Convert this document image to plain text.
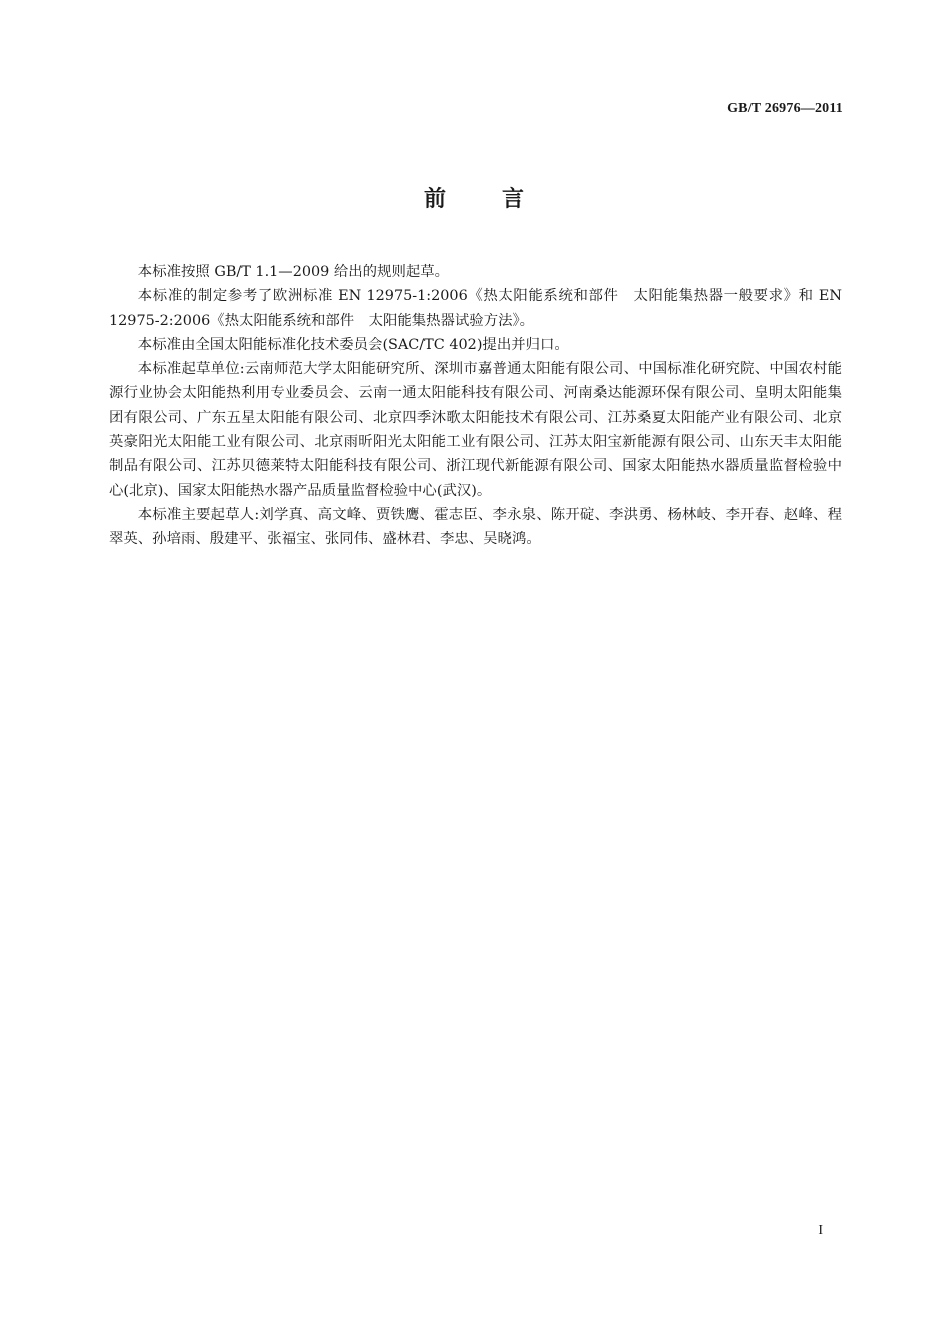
GB/T 26976—2011
前 言

本标准按照 GB/T 1.1—2009 给出的规则起草。

本标准的制定参考了欧洲标准 EN 12975-1:2006《热太阳能系统和部件　太阳能集热器一般要求》和 EN 12975-2:2006《热太阳能系统和部件　太阳能集热器试验方法》。

本标准由全国太阳能标准化技术委员会(SAC/TC 402)提出并归口。

本标准起草单位:云南师范大学太阳能研究所、深圳市嘉普通太阳能有限公司、中国标准化研究院、中国农村能源行业协会太阳能热利用专业委员会、云南一通太阳能科技有限公司、河南桑达能源环保有限公司、皇明太阳能集团有限公司、广东五星太阳能有限公司、北京四季沐歌太阳能技术有限公司、江苏桑夏太阳能产业有限公司、北京英豪阳光太阳能工业有限公司、北京雨昕阳光太阳能工业有限公司、江苏太阳宝新能源有限公司、山东天丰太阳能制品有限公司、江苏贝德莱特太阳能科技有限公司、浙江现代新能源有限公司、国家太阳能热水器质量监督检验中心(北京)、国家太阳能热水器产品质量监督检验中心(武汉)。

本标准主要起草人:刘学真、高文峰、贾铁鹰、霍志臣、李永泉、陈开碇、李洪勇、杨林岐、李开春、赵峰、程翠英、孙培雨、殷建平、张福宝、张同伟、盛林君、李忠、吴晓鸿。

I
